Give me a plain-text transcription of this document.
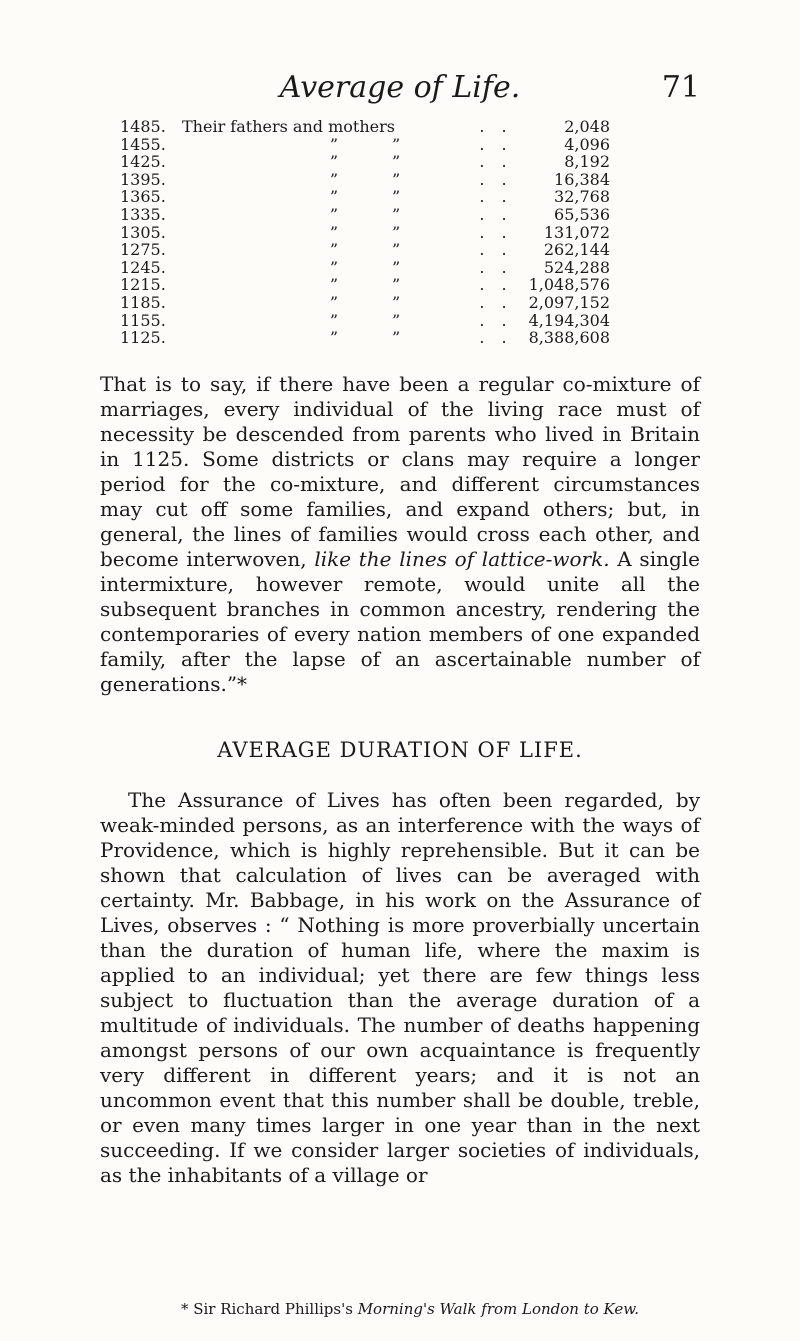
Average of Life.	71
1485.	Their fathers and mothers			. .	2,048
1455.		”	”	. .	4,096
1425.		”	”	. .	8,192
1395.		”	”	. .	16,384
1365.		”	”	. .	32,768
1335.		”	”	. .	65,536
1305.		”	”	. .	131,072
1275.		”	”	. .	262,144
1245.		”	”	. .	524,288
1215.		”	”	. .	1,048,576
1185.		”	”	. .	2,097,152
1155.		”	”	. .	4,194,304
1125.		”	”	. .	8,388,608

That is to say, if there have been a regular co-mixture of marriages, every individual of the living race must of necessity be descended from parents who lived in Britain in 1125. Some districts or clans may require a longer period for the co-mixture, and different circumstances may cut off some families, and expand others; but, in general, the lines of families would cross each other, and become interwoven, like the lines of lattice-work. A single intermixture, however remote, would unite all the subsequent branches in common ancestry, rendering the contemporaries of every nation members of one expanded family, after the lapse of an ascertainable number of generations.”*

AVERAGE DURATION OF LIFE.

The Assurance of Lives has often been regarded, by weak-minded persons, as an interference with the ways of Providence, which is highly reprehensible. But it can be shown that calculation of lives can be averaged with certainty. Mr. Babbage, in his work on the Assurance of Lives, observes : “ Nothing is more proverbially uncertain than the duration of human life, where the maxim is applied to an individual; yet there are few things less subject to fluctuation than the average duration of a multitude of individuals. The number of deaths happening amongst persons of our own acquaintance is frequently very different in different years; and it is not an uncommon event that this number shall be double, treble, or even many times larger in one year than in the next succeeding. If we consider larger societies of individuals, as the inhabitants of a village or

* Sir Richard Phillips's Morning's Walk from London to Kew.
